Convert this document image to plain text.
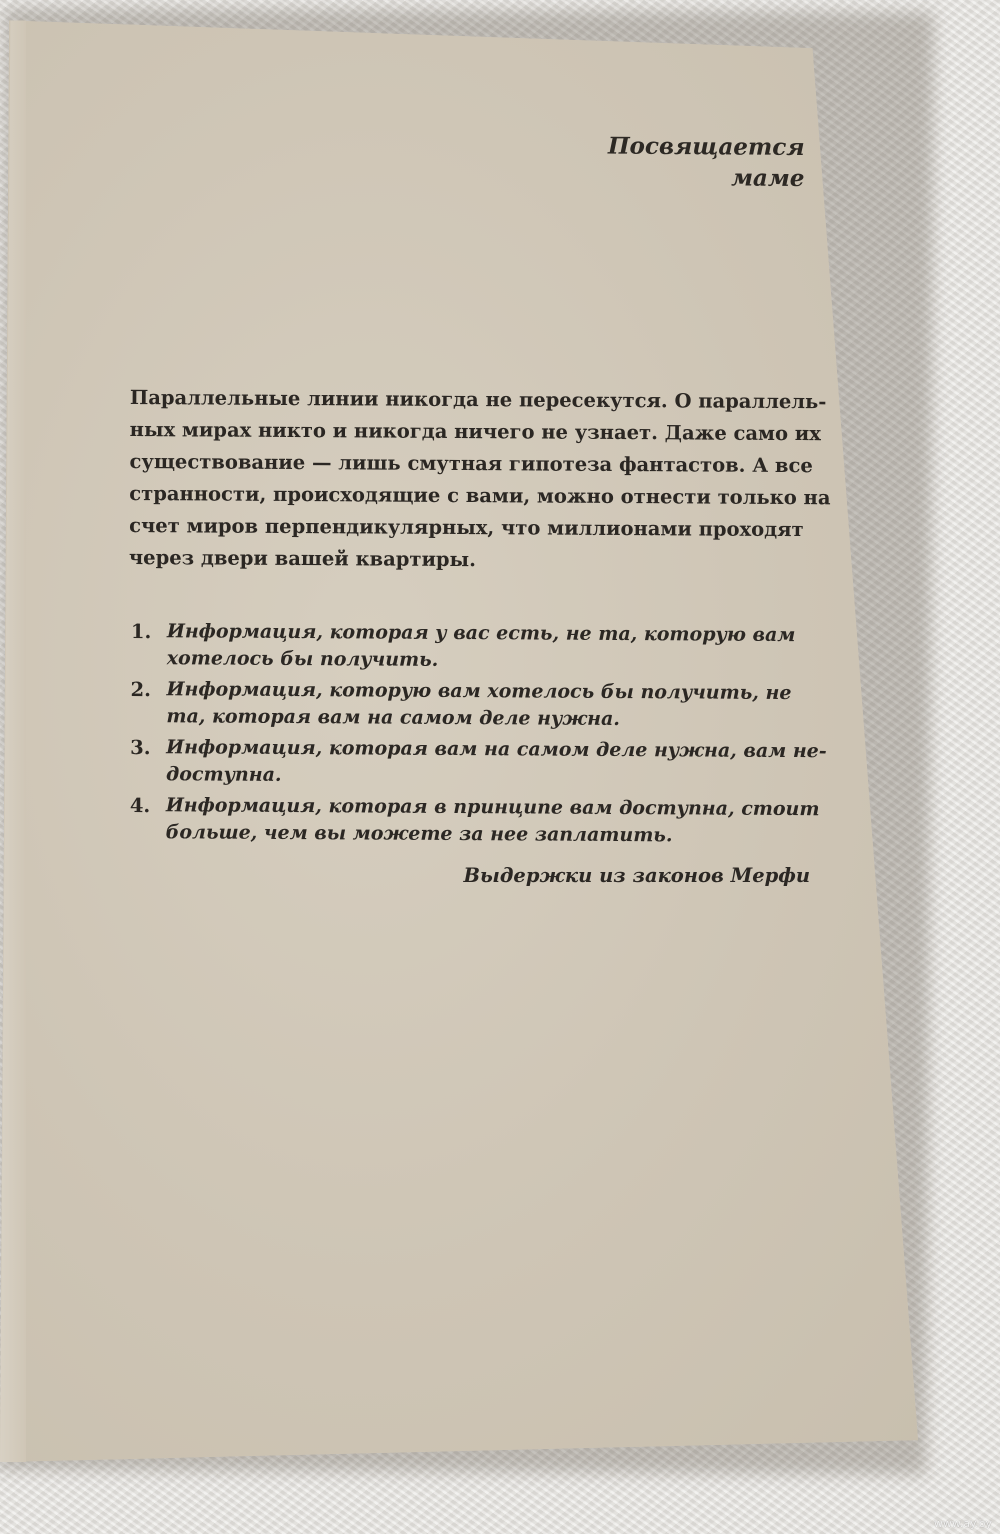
Посвящается
маме
Параллельные линии никогда не пересекутся. О параллель-
ных мирах никто и никогда ничего не узнает. Даже само их
существование — лишь смутная гипотеза фантастов. А все
странности, происходящие с вами, можно отнести только на
счет миров перпендикулярных, что миллионами проходят
через двери вашей квартиры.
1. Информация, которая у вас есть, не та, которую вам
хотелось бы получить.
2. Информация, которую вам хотелось бы получить, не
та, которая вам на самом деле нужна.
3. Информация, которая вам на самом деле нужна, вам не-
доступна.
4. Информация, которая в принципе вам доступна, стоит
больше, чем вы можете за нее заплатить.
Выдержки из законов Мерфи
www.ay.by
